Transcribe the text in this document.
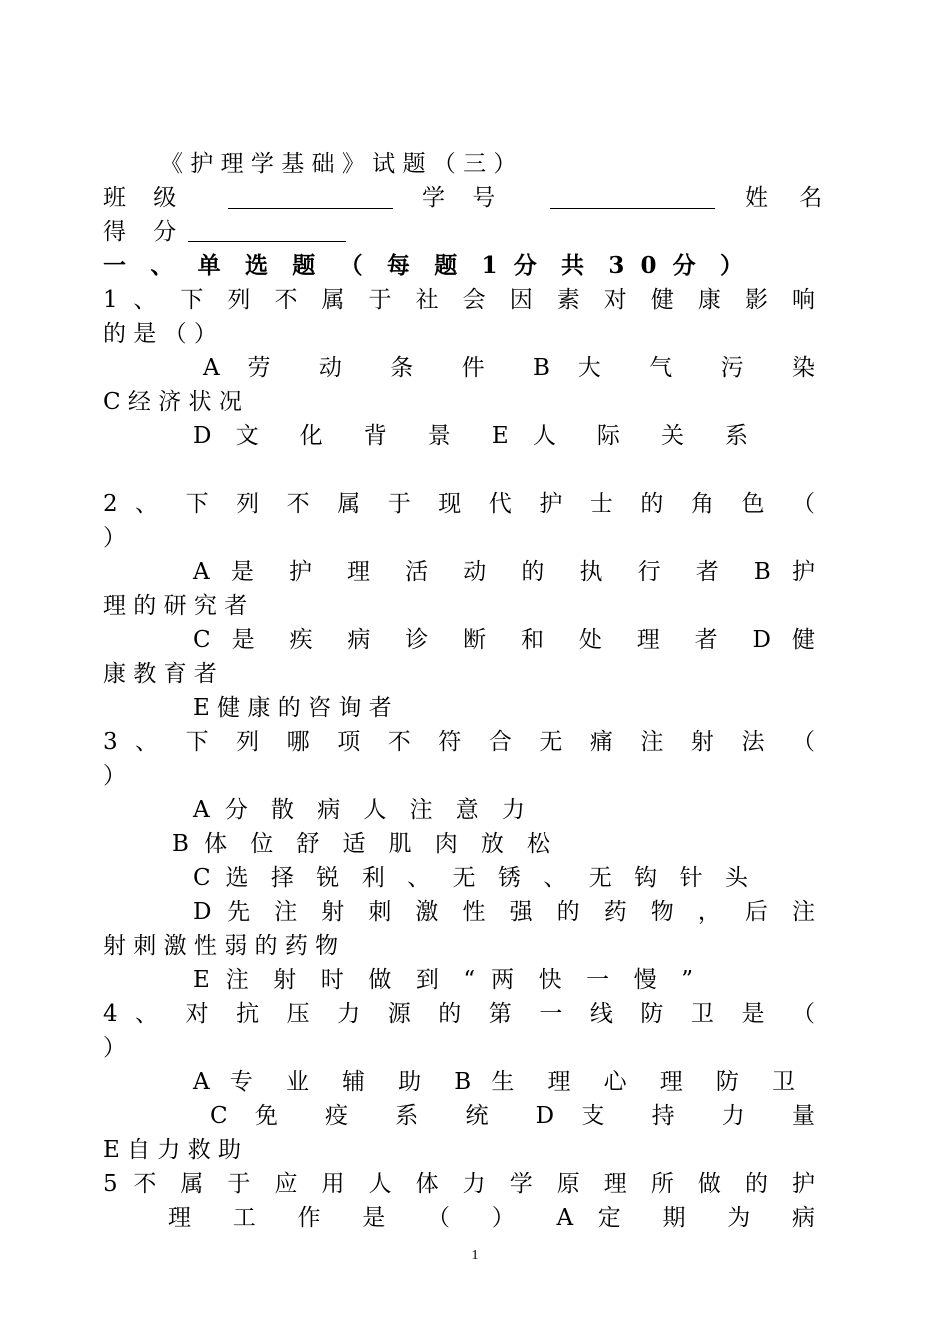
《 护 理 学 基 础 》 试 题 （ 三 ）
班 级	学 号	姓 名
得 分
一 、 单 选 题 （ 每 题 1 分 共 3 0 分 ）
1 、 下 列 不 属 于 社 会 因 素 对 健 康 影 响
的 是 （ ）
A 劳 动 条 件 B 大 气 污 染
C 经 济 状 况
D 文 化 背 景 E 人 际 关 系
2 、 下 列 不 属 于 现 代 护 士 的 角 色 （
）
A 是 护 理 活 动 的 执 行 者 B 护
理 的 研 究 者
C 是 疾 病 诊 断 和 处 理 者 D 健
康 教 育 者
E 健 康 的 咨 询 者
3 、 下 列 哪 项 不 符 合 无 痛 注 射 法 （
）
A 分 散 病 人 注 意 力
B 体 位 舒 适 肌 肉 放 松
C 选 择 锐 利 、 无 锈 、 无 钩 针 头
D 先 注 射 刺 激 性 强 的 药 物 ， 后 注
射 刺 激 性 弱 的 药 物
E 注 射 时 做 到 “ 两 快 一 慢 ”
4 、 对 抗 压 力 源 的 第 一 线 防 卫 是 （
）
A 专 业 辅 助 B 生 理 心 理 防 卫
C 免 疫 系 统 D 支 持 力 量
E 自 力 救 助
5 不 属 于 应 用 人 体 力 学 原 理 所 做 的 护
理 工 作 是 （ ） A 定 期 为 病
1
